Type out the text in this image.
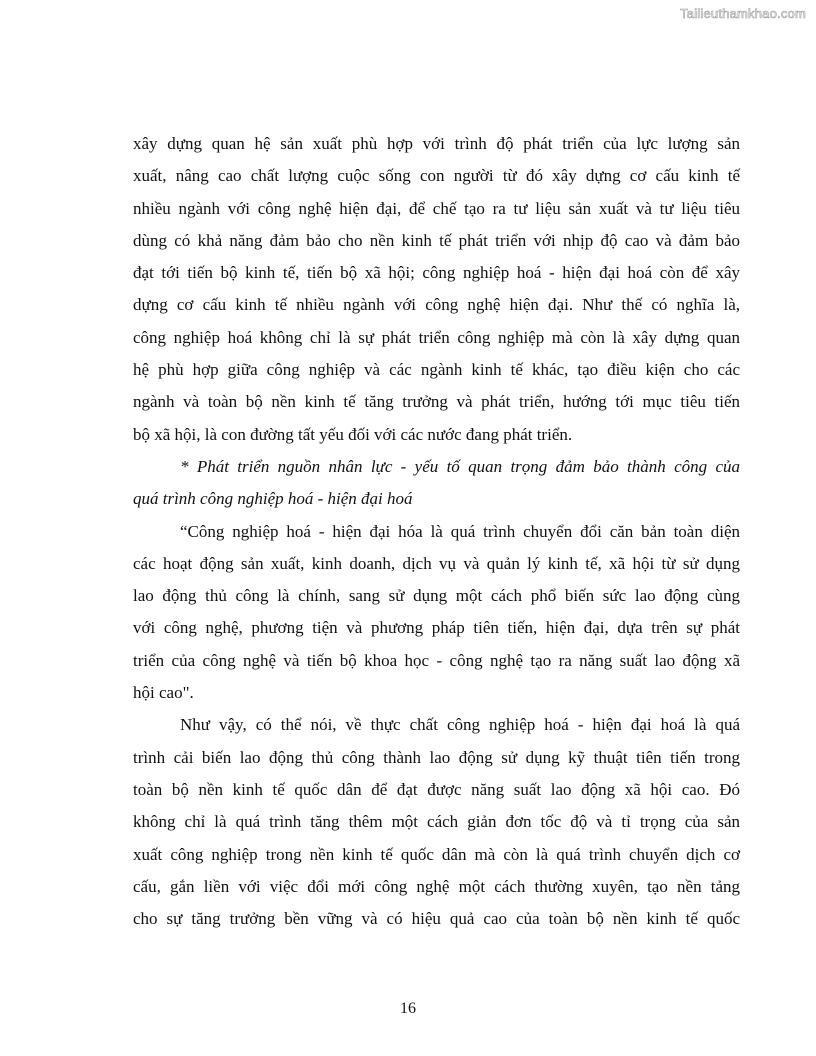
Tailieuthamkhao.com
xây dựng quan hệ sản xuất phù hợp với trình độ phát triển của lực lượng sản
xuất, nâng cao chất lượng cuộc sống con người từ đó xây dựng cơ cấu kinh tế
nhiều ngành với công nghệ hiện đại, để chế tạo ra tư liệu sản xuất và tư liệu tiêu
dùng có khả năng đảm bảo cho nền kinh tế phát triển với nhịp độ cao và đảm bảo
đạt tới tiến bộ kinh tế, tiến bộ xã hội; công nghiệp hoá - hiện đại hoá còn để xây
dựng cơ cấu kinh tế nhiều ngành với công nghệ hiện đại. Như thế có nghĩa là,
công nghiệp hoá không chỉ là sự phát triển công nghiệp mà còn là xây dựng quan
hệ phù hợp giữa công nghiệp và các ngành kinh tế khác, tạo điều kiện cho các
ngành và toàn bộ nền kinh tế tăng trưởng và phát triển, hướng tới mục tiêu tiến
bộ xã hội, là con đường tất yếu đối với các nước đang phát triển.
* Phát triển nguồn nhân lực - yếu tố quan trọng đảm bảo thành công của
quá trình công nghiệp hoá - hiện đại hoá
“Công nghiệp hoá - hiện đại hóa là quá trình chuyển đổi căn bản toàn diện
các hoạt động sản xuất, kinh doanh, dịch vụ và quản lý kinh tế, xã hội từ sử dụng
lao động thủ công là chính, sang sử dụng một cách phổ biến sức lao động cùng
với công nghệ, phương tiện và phương pháp tiên tiến, hiện đại, dựa trên sự phát
triển của công nghệ và tiến bộ khoa học - công nghệ tạo ra năng suất lao động xã
hội cao".
Như vậy, có thể nói, về thực chất công nghiệp hoá - hiện đại hoá là quá
trình cải biến lao động thủ công thành lao động sử dụng kỹ thuật tiên tiến trong
toàn bộ nền kinh tế quốc dân để đạt được năng suất lao động xã hội cao. Đó
không chỉ là quá trình tăng thêm một cách giản đơn tốc độ và tỉ trọng của sản
xuất công nghiệp trong nền kinh tế quốc dân mà còn là quá trình chuyển dịch cơ
cấu, gắn liền với việc đổi mới công nghệ một cách thường xuyên, tạo nền tảng
cho sự tăng trưởng bền vững và có hiệu quả cao của toàn bộ nền kinh tế quốc
16
